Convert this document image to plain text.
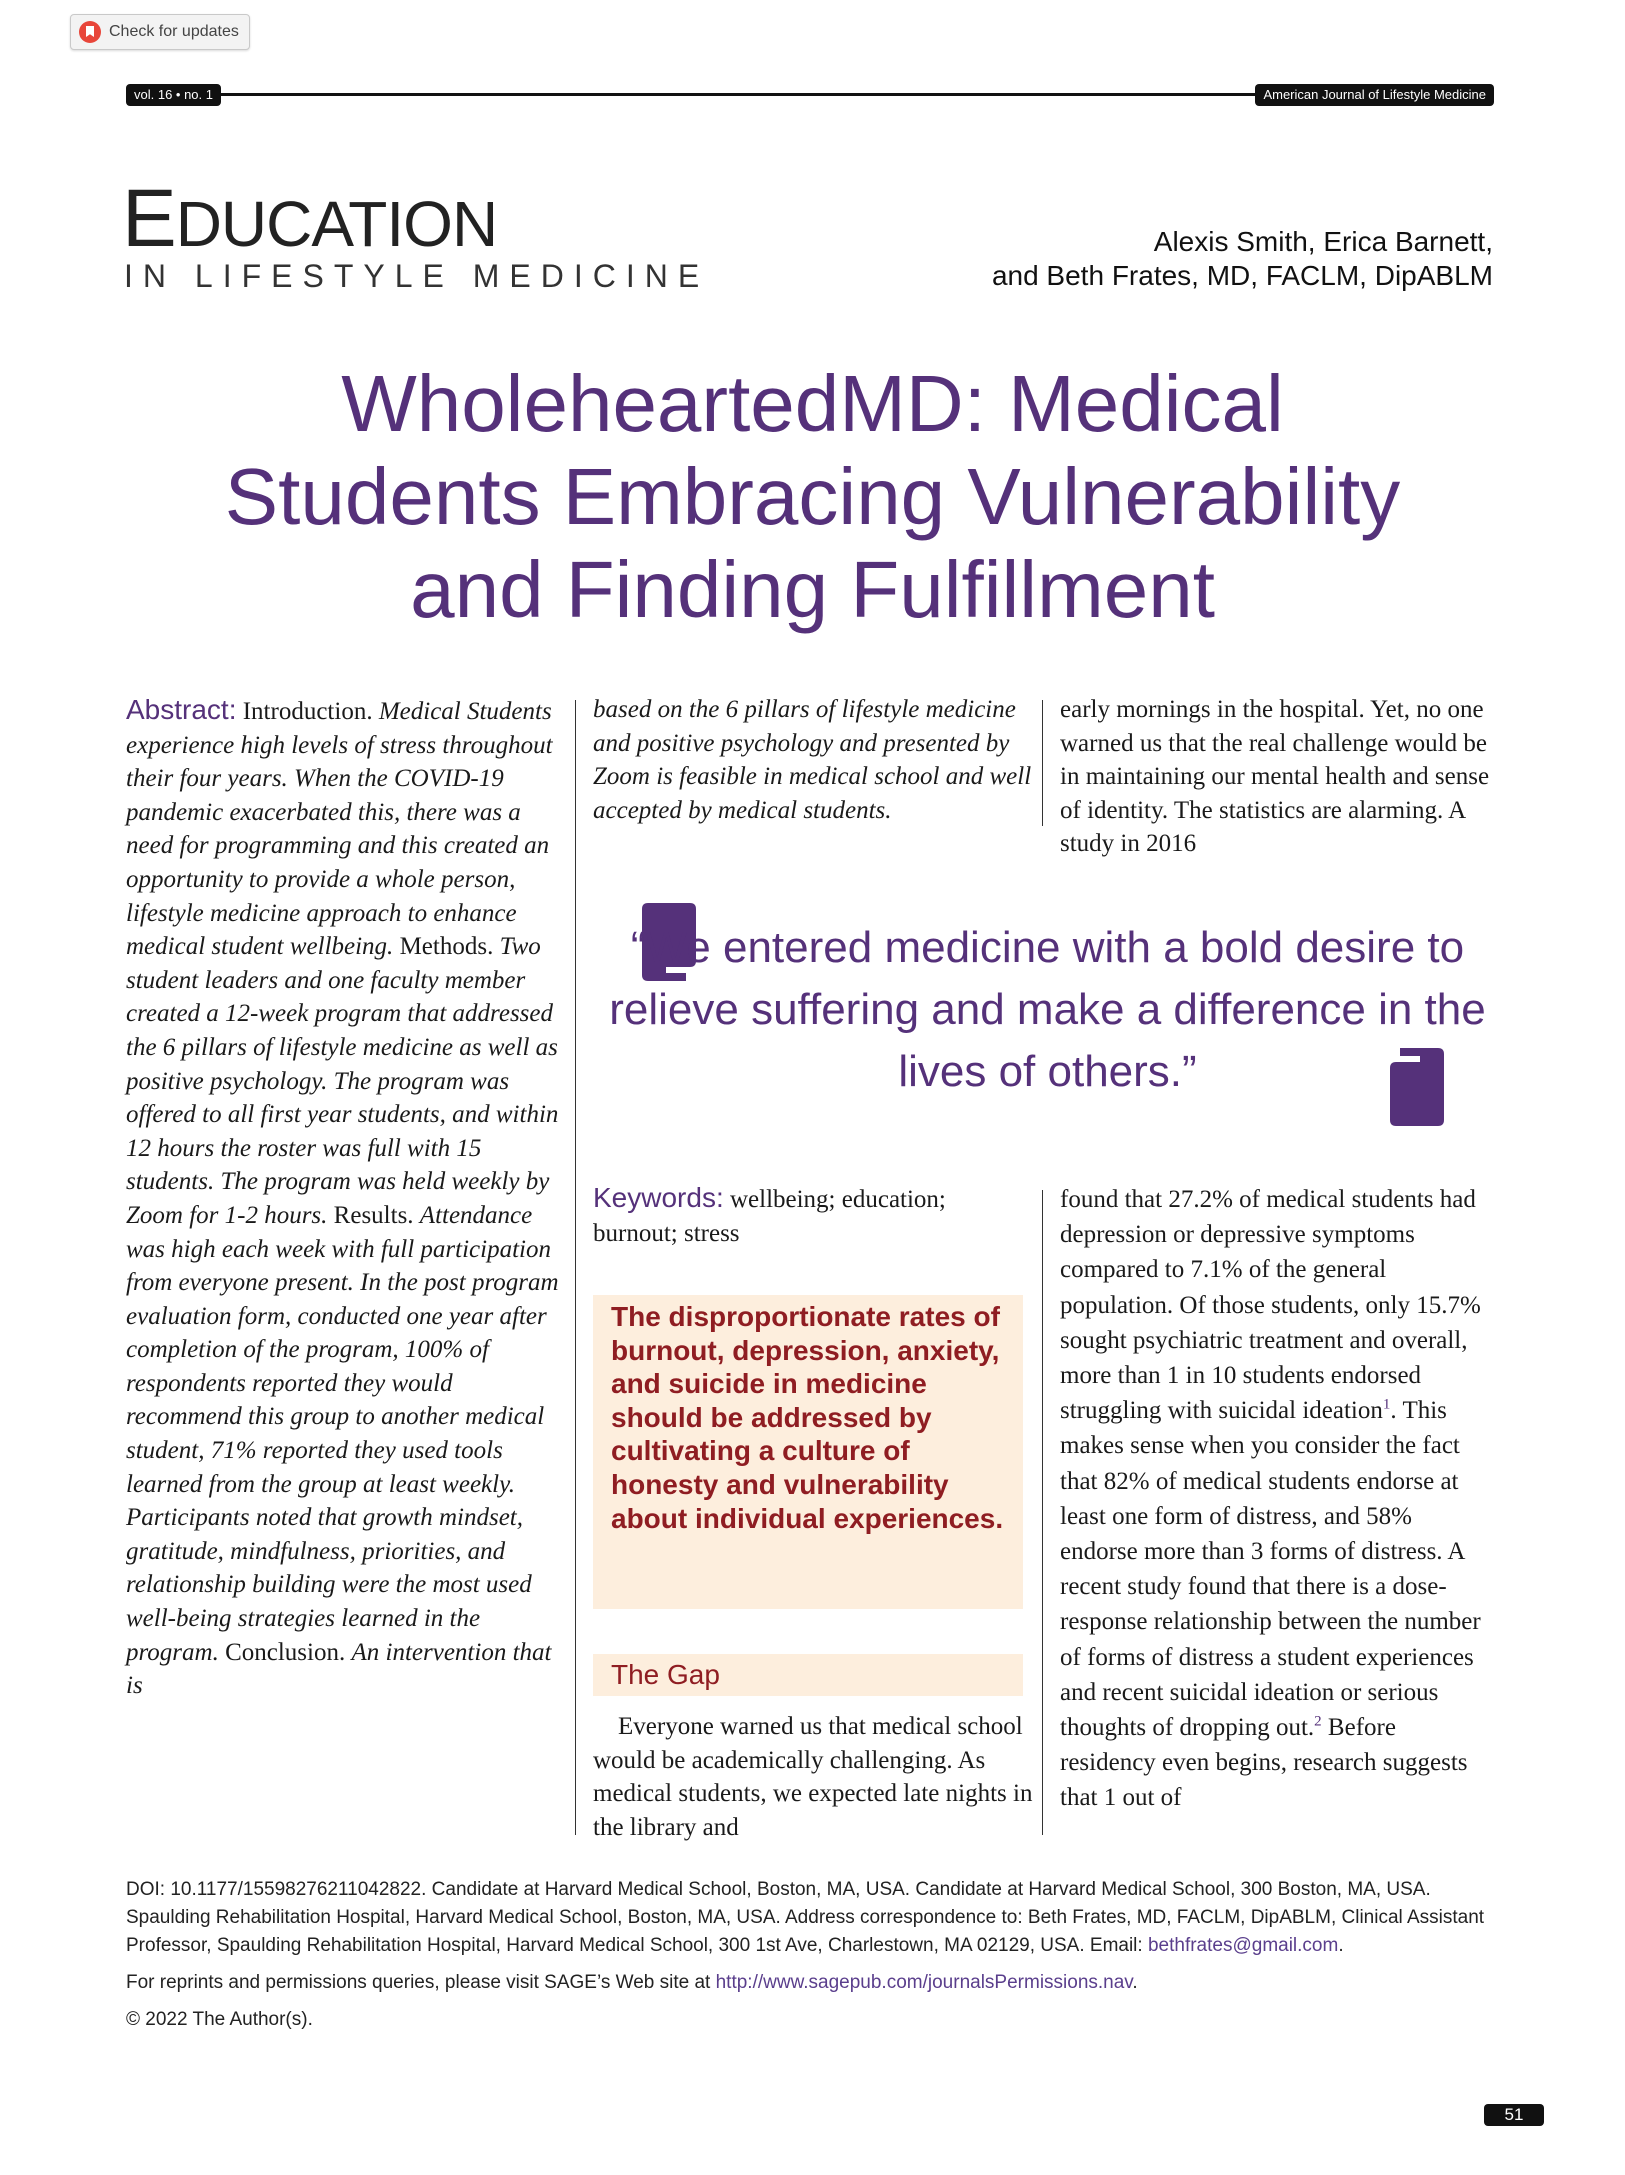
Check for updates
vol. 16 • no. 1	American Journal of Lifestyle Medicine
EDUCATION
IN LIFESTYLE MEDICINE
Alexis Smith, Erica Barnett,
and Beth Frates, MD, FACLM, DipABLM
WholeheartedMD: Medical
Students Embracing Vulnerability
and Finding Fulfillment
Abstract: Introduction. Medical Students experience high levels of stress throughout their four years. When the COVID-19 pandemic exacerbated this, there was a need for programming and this created an opportunity to provide a whole person, lifestyle medicine approach to enhance medical student wellbeing. Methods. Two student leaders and one faculty member created a 12-week program that addressed the 6 pillars of lifestyle medicine as well as positive psychology. The program was offered to all first year students, and within 12 hours the roster was full with 15 students. The program was held weekly by Zoom for 1-2 hours. Results. Attendance was high each week with full participation from everyone present. In the post program evaluation form, conducted one year after completion of the program, 100% of respondents reported they would recommend this group to another medical student, 71% reported they used tools learned from the group at least weekly. Participants noted that growth mindset, gratitude, mindfulness, priorities, and relationship building were the most used well-being strategies learned in the program. Conclusion. An intervention that is
based on the 6 pillars of lifestyle medicine and positive psychology and presented by Zoom is feasible in medical school and well accepted by medical students.
early mornings in the hospital. Yet, no one warned us that the real challenge would be in maintaining our mental health and sense of identity. The statistics are alarming. A study in 2016
“We entered medicine with a bold desire to relieve suffering and make a difference in the lives of others.”
Keywords: wellbeing; education; burnout; stress
The disproportionate rates of burnout, depression, anxiety, and suicide in medicine should be addressed by cultivating a culture of honesty and vulnerability about individual experiences.
The Gap
 Everyone warned us that medical school would be academically challenging. As medical students, we expected late nights in the library and
found that 27.2% of medical students had depression or depressive symptoms compared to 7.1% of the general population. Of those students, only 15.7% sought psychiatric treatment and overall, more than 1 in 10 students endorsed struggling with suicidal ideation$^1$. This makes sense when you consider the fact that 82% of medical students endorse at least one form of distress, and 58% endorse more than 3 forms of distress. A recent study found that there is a dose-response relationship between the number of forms of distress a student experiences and recent suicidal ideation or serious thoughts of dropping out.$^2$ Before residency even begins, research suggests that 1 out of

DOI: 10.1177/15598276211042822. Candidate at Harvard Medical School, Boston, MA, USA. Candidate at Harvard Medical School, 300 Boston, MA, USA. Spaulding Rehabilitation Hospital, Harvard Medical School, Boston, MA, USA. Address correspondence to: Beth Frates, MD, FACLM, DipABLM, Clinical Assistant Professor, Spaulding Rehabilitation Hospital, Harvard Medical School, 300 1st Ave, Charlestown, MA 02129, USA. Email: bethfrates@gmail.com.

For reprints and permissions queries, please visit SAGE’s Web site at http://www.sagepub.com/journalsPermissions.nav.

© 2022 The Author(s).

51
